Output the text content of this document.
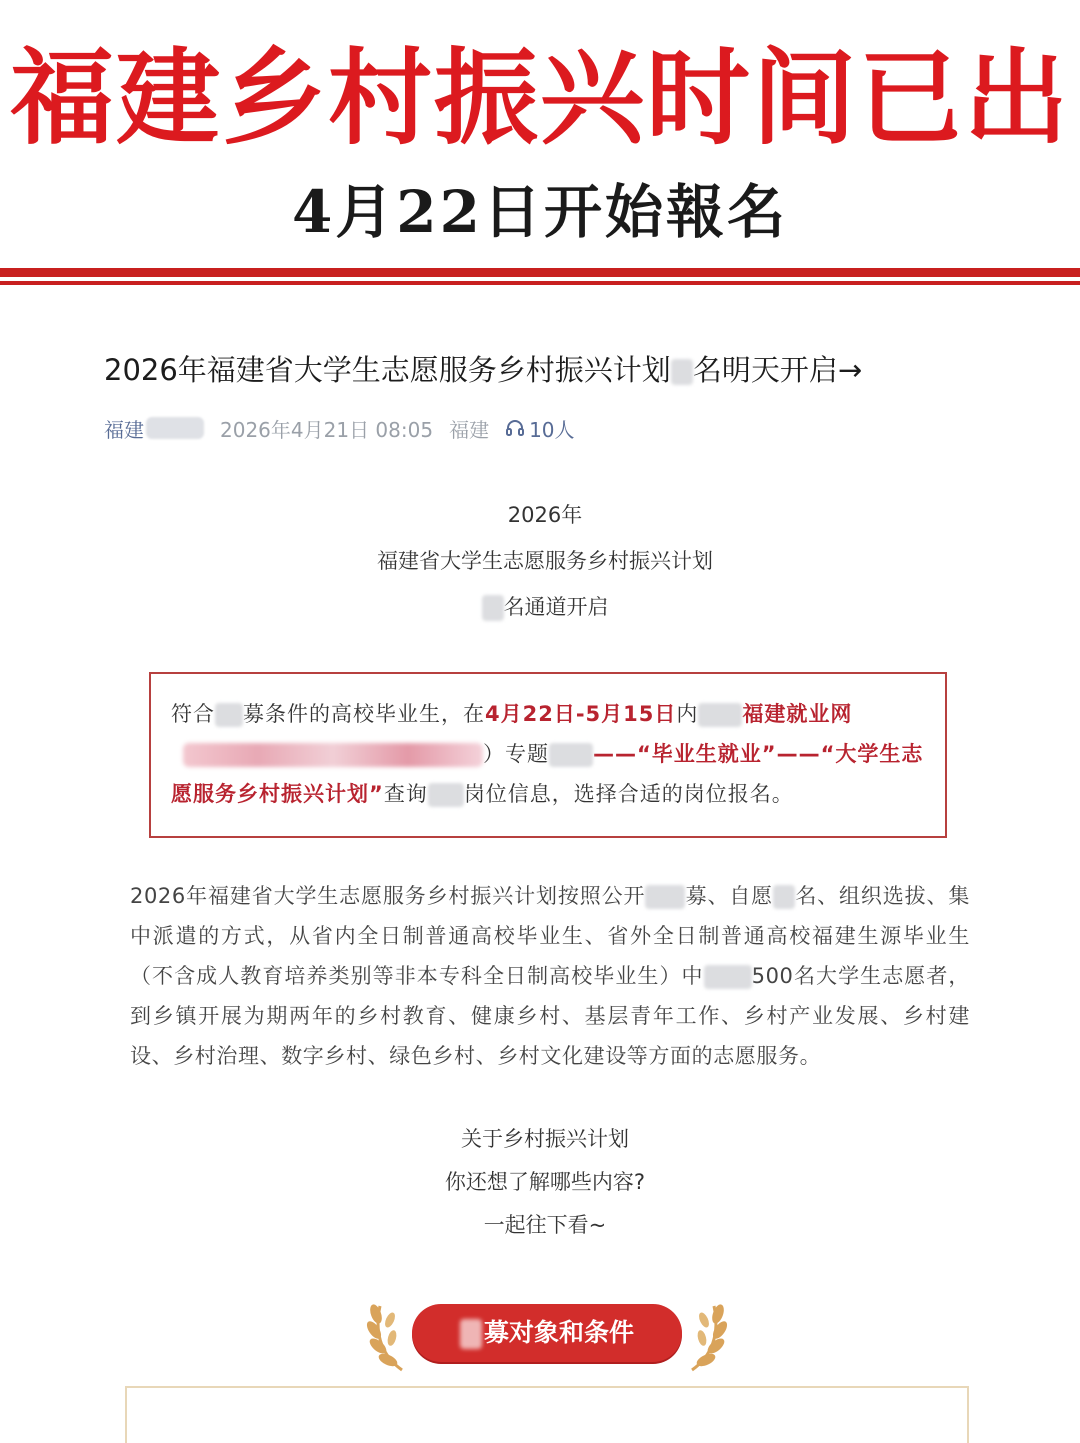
福建乡村振兴时间已出
4月22日开始報名
2026年福建省大学生志愿服务乡村振兴计划 名明天开启→
福建	2026年4月21日 08:05 福建 10人
2026年
福建省大学生志愿服务乡村振兴计划
名通道开启
符合 募条件的高校毕业生，在4月22日-5月15日内 福建就业网）专题 ——“毕业生就业”——“大学生志愿服务乡村振兴计划”查询 岗位信息，选择合适的岗位报名。
2026年福建省大学生志愿服务乡村振兴计划按照公开 募、自愿 名、组织选拔、集中派遣的方式，从省内全日制普通高校毕业生、省外全日制普通高校福建生源毕业生（不含成人教育培养类别等非本专科全日制高校毕业生）中 500名大学生志愿者，到乡镇开展为期两年的乡村教育、健康乡村、基层青年工作、乡村产业发展、乡村建设、乡村治理、数字乡村、绿色乡村、乡村文化建设等方面的志愿服务。
关于乡村振兴计划
你还想了解哪些内容?
一起往下看~
募对象和条件
